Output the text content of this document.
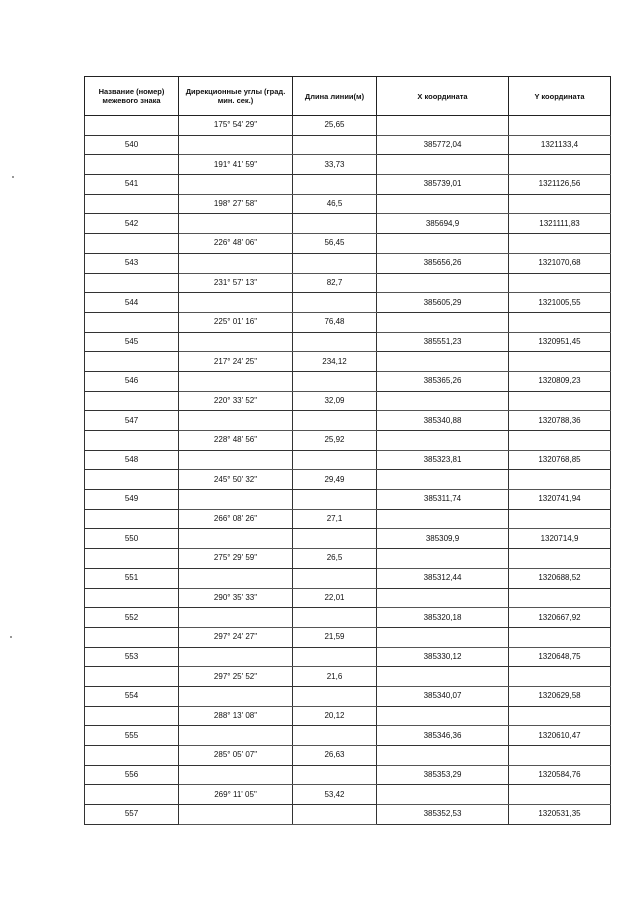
Название (номер) межевого знака	Дирекционные углы (град. мин. сек.)	Длина линии(м)	X координата	Y координата
	175° 54' 29"	25,65		
540			385772,04	1321133,4
	191° 41' 59"	33,73		
541			385739,01	1321126,56
	198° 27' 58"	46,5		
542			385694,9	1321111,83
	226° 48' 06"	56,45		
543			385656,26	1321070,68
	231° 57' 13"	82,7		
544			385605,29	1321005,55
	225° 01' 16"	76,48		
545			385551,23	1320951,45
	217° 24' 25"	234,12		
546			385365,26	1320809,23
	220° 33' 52"	32,09		
547			385340,88	1320788,36
	228° 48' 56"	25,92		
548			385323,81	1320768,85
	245° 50' 32"	29,49		
549			385311,74	1320741,94
	266° 08' 26"	27,1		
550			385309,9	1320714,9
	275° 29' 59"	26,5		
551			385312,44	1320688,52
	290° 35' 33"	22,01		
552			385320,18	1320667,92
	297° 24' 27"	21,59		
553			385330,12	1320648,75
	297° 25' 52"	21,6		
554			385340,07	1320629,58
	288° 13' 08"	20,12		
555			385346,36	1320610,47
	285° 05' 07"	26,63		
556			385353,29	1320584,76
	269° 11' 05"	53,42		
557			385352,53	1320531,35
